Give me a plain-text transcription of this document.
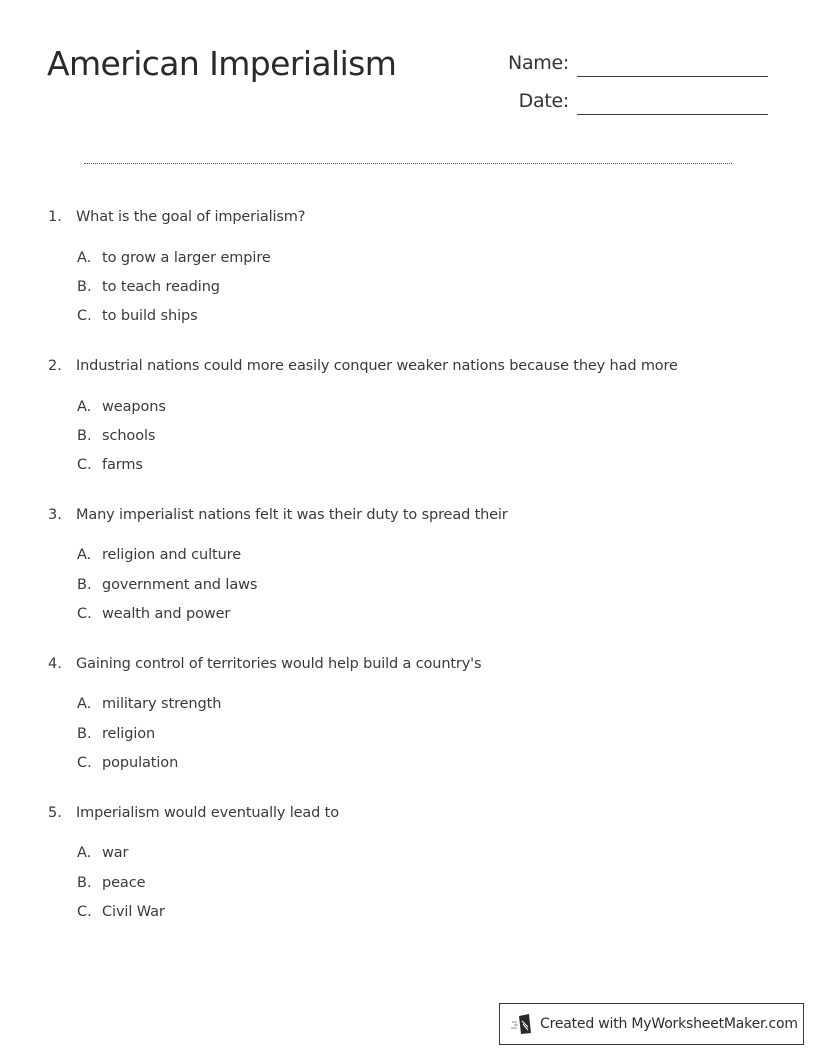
American Imperialism	Name:
Date:
1. What is the goal of imperialism?
A. to grow a larger empire
B. to teach reading
C. to build ships
2. Industrial nations could more easily conquer weaker nations because they had more
A. weapons
B. schools
C. farms
3. Many imperialist nations felt it was their duty to spread their
A. religion and culture
B. government and laws
C. wealth and power
4. Gaining control of territories would help build a country's
A. military strength
B. religion
C. population
5. Imperialism would eventually lead to
A. war
B. peace
C. Civil War
Created with MyWorksheetMaker.com
